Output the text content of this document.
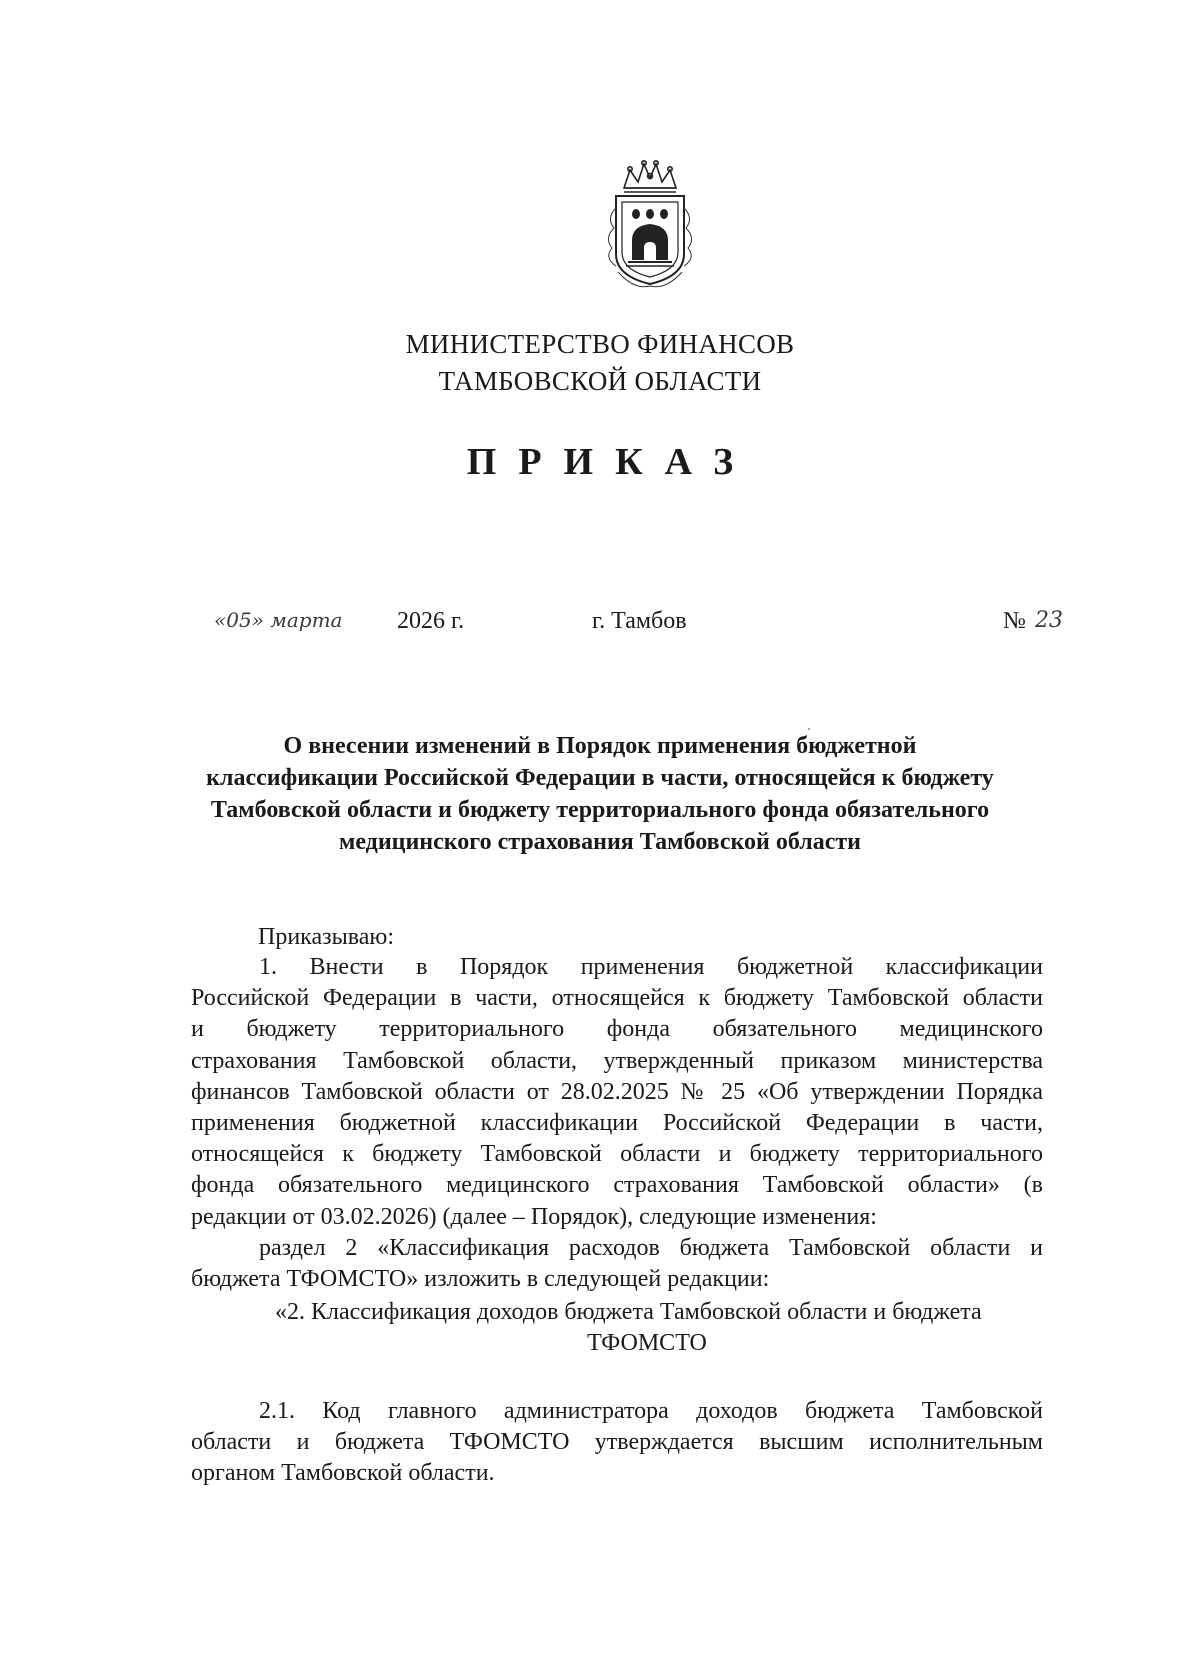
МИНИСТЕРСТВО ФИНАНСОВ
ТАМБОВСКОЙ ОБЛАСТИ
ПРИКАЗ
«05» марта 2026 г.	г. Тамбов	№ 23
О внесении изменений в Порядок применения бюджетной
классификации Российской Федерации в части, относящейся к бюджету
Тамбовской области и бюджету территориального фонда обязательного
медицинского страхования Тамбовской области
Приказываю:
1. Внести в Порядок применения бюджетной классификации
Российской Федерации в части, относящейся к бюджету Тамбовской области
и бюджету территориального фонда обязательного медицинского
страхования Тамбовской области, утвержденный приказом министерства
финансов Тамбовской области от 28.02.2025 № 25 «Об утверждении Порядка
применения бюджетной классификации Российской Федерации в части,
относящейся к бюджету Тамбовской области и бюджету территориального
фонда обязательного медицинского страхования Тамбовской области» (в
редакции от 03.02.2026) (далее – Порядок), следующие изменения:
раздел 2 «Классификация расходов бюджета Тамбовской области и
бюджета ТФОМСТО» изложить в следующей редакции:
«2. Классификация доходов бюджета Тамбовской области и бюджета
ТФОМСТО
2.1. Код главного администратора доходов бюджета Тамбовской
области и бюджета ТФОМСТО утверждается высшим исполнительным
органом Тамбовской области.
